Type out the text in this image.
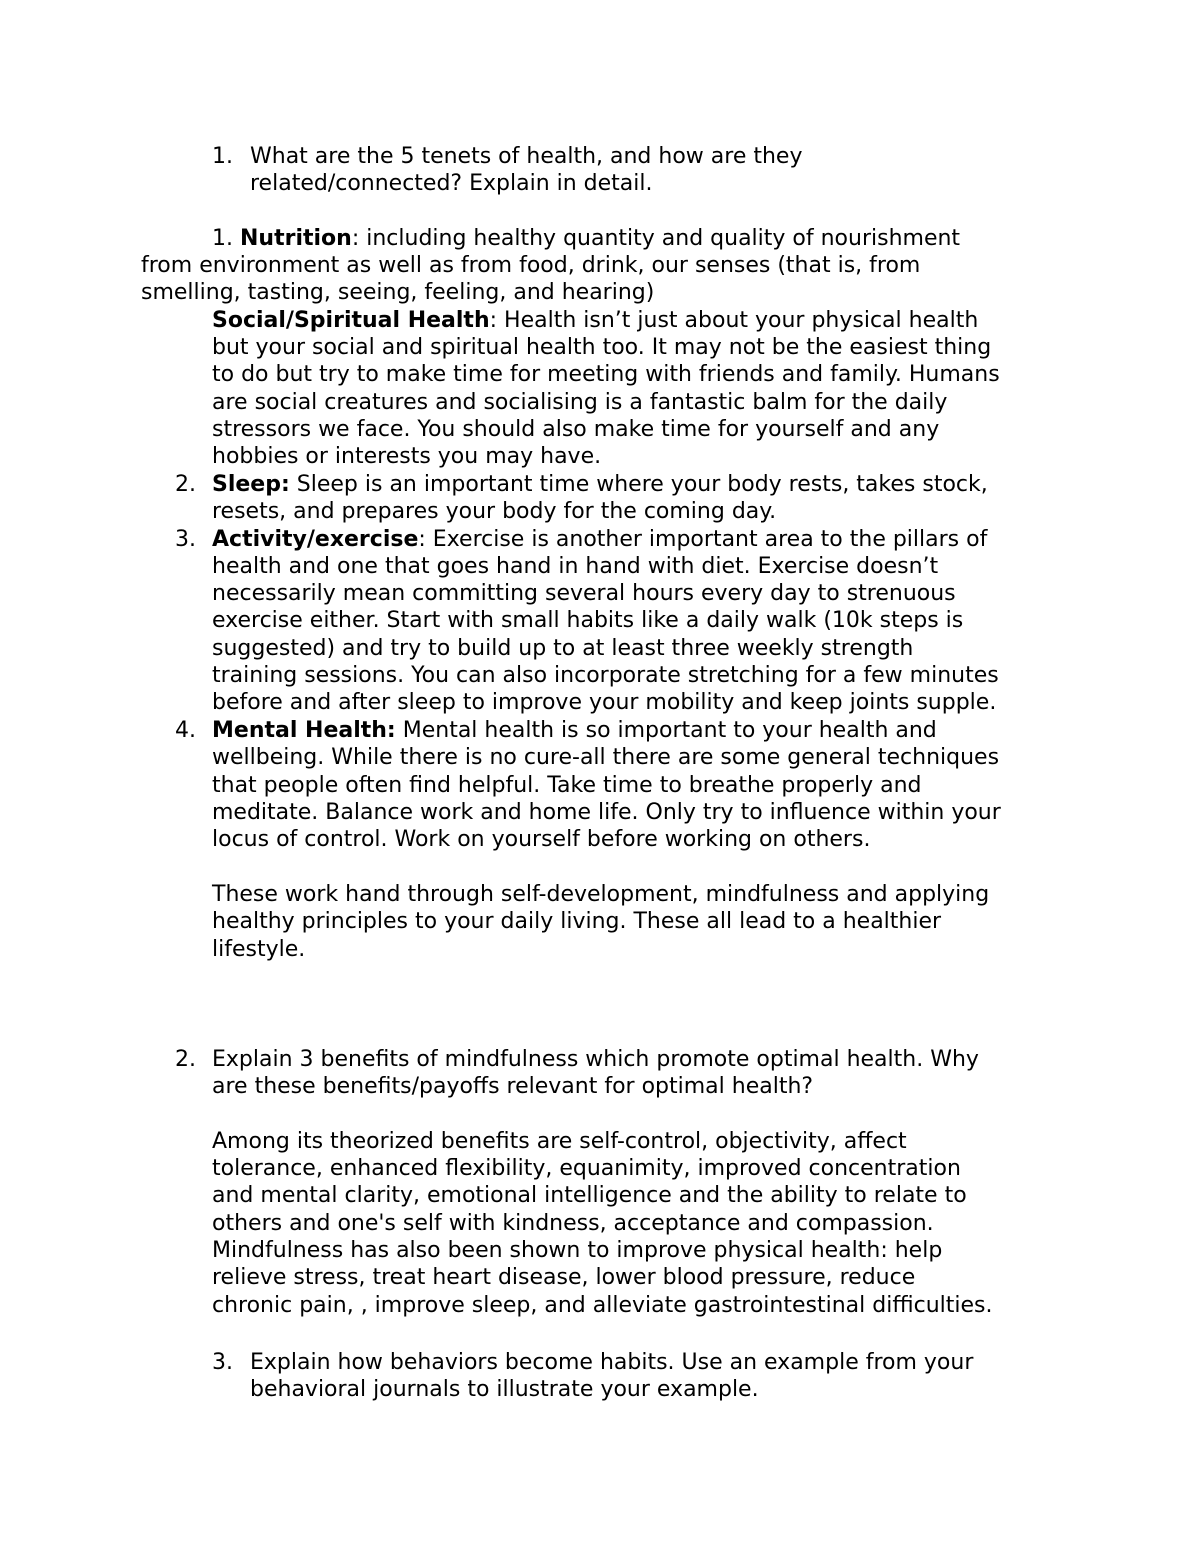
1. What are the 5 tenets of health, and how are they
related/connected? Explain in detail.
1. Nutrition: including healthy quantity and quality of nourishment
from environment as well as from food, drink, our senses (that is, from
smelling, tasting, seeing, feeling, and hearing)
Social/Spiritual Health: Health isn’t just about your physical health
but your social and spiritual health too. It may not be the easiest thing
to do but try to make time for meeting with friends and family. Humans
are social creatures and socialising is a fantastic balm for the daily
stressors we face. You should also make time for yourself and any
hobbies or interests you may have.
2. Sleep: Sleep is an important time where your body rests, takes stock,
resets, and prepares your body for the coming day.
3. Activity/exercise: Exercise is another important area to the pillars of
health and one that goes hand in hand with diet. Exercise doesn’t
necessarily mean committing several hours every day to strenuous
exercise either. Start with small habits like a daily walk (10k steps is
suggested) and try to build up to at least three weekly strength
training sessions. You can also incorporate stretching for a few minutes
before and after sleep to improve your mobility and keep joints supple.
4. Mental Health: Mental health is so important to your health and
wellbeing. While there is no cure-all there are some general techniques
that people often find helpful. Take time to breathe properly and
meditate. Balance work and home life. Only try to influence within your
locus of control. Work on yourself before working on others.
These work hand through self-development, mindfulness and applying
healthy principles to your daily living. These all lead to a healthier
lifestyle.
2. Explain 3 benefits of mindfulness which promote optimal health. Why
are these benefits/payoffs relevant for optimal health?
Among its theorized benefits are self-control, objectivity, affect
tolerance, enhanced flexibility, equanimity, improved concentration
and mental clarity, emotional intelligence and the ability to relate to
others and one's self with kindness, acceptance and compassion.
Mindfulness has also been shown to improve physical health: help
relieve stress, treat heart disease, lower blood pressure, reduce
chronic pain, , improve sleep, and alleviate gastrointestinal difficulties.
3. Explain how behaviors become habits. Use an example from your
behavioral journals to illustrate your example.
